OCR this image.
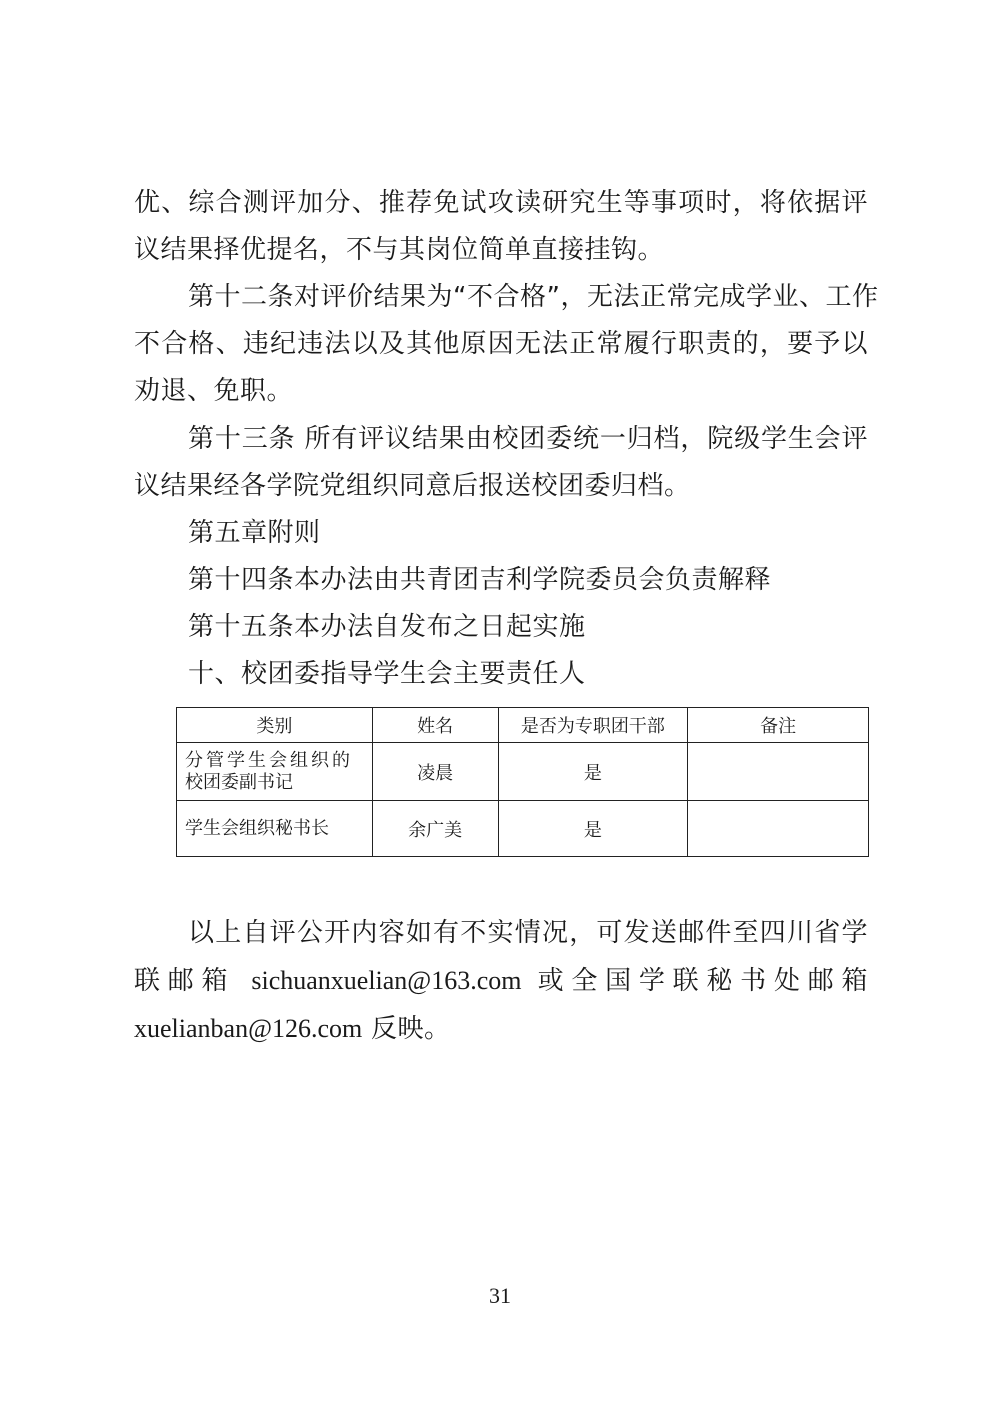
优、综合测评加分、推荐免试攻读研究生等事项时，将依据评
议结果择优提名，不与其岗位简单直接挂钩。
第十二条对评价结果为“不合格”，无法正常完成学业、工作
不合格、违纪违法以及其他原因无法正常履行职责的，要予以
劝退、免职。
第十三条 所有评议结果由校团委统一归档，院级学生会评
议结果经各学院党组织同意后报送校团委归档。
第五章附则
第十四条本办法由共青团吉利学院委员会负责解释
第十五条本办法自发布之日起实施
十、校团委指导学生会主要责任人
类别	姓名	是否为专职团干部	备注
分管学生会组织的
校团委副书记	凌晨	是	
学生会组织秘书长	余广美	是	
以上自评公开内容如有不实情况，可发送邮件至四川省学
联邮箱 sichuanxuelian@163.com 或全国学联秘书处邮箱
xuelianban@126.com 反映。
31
